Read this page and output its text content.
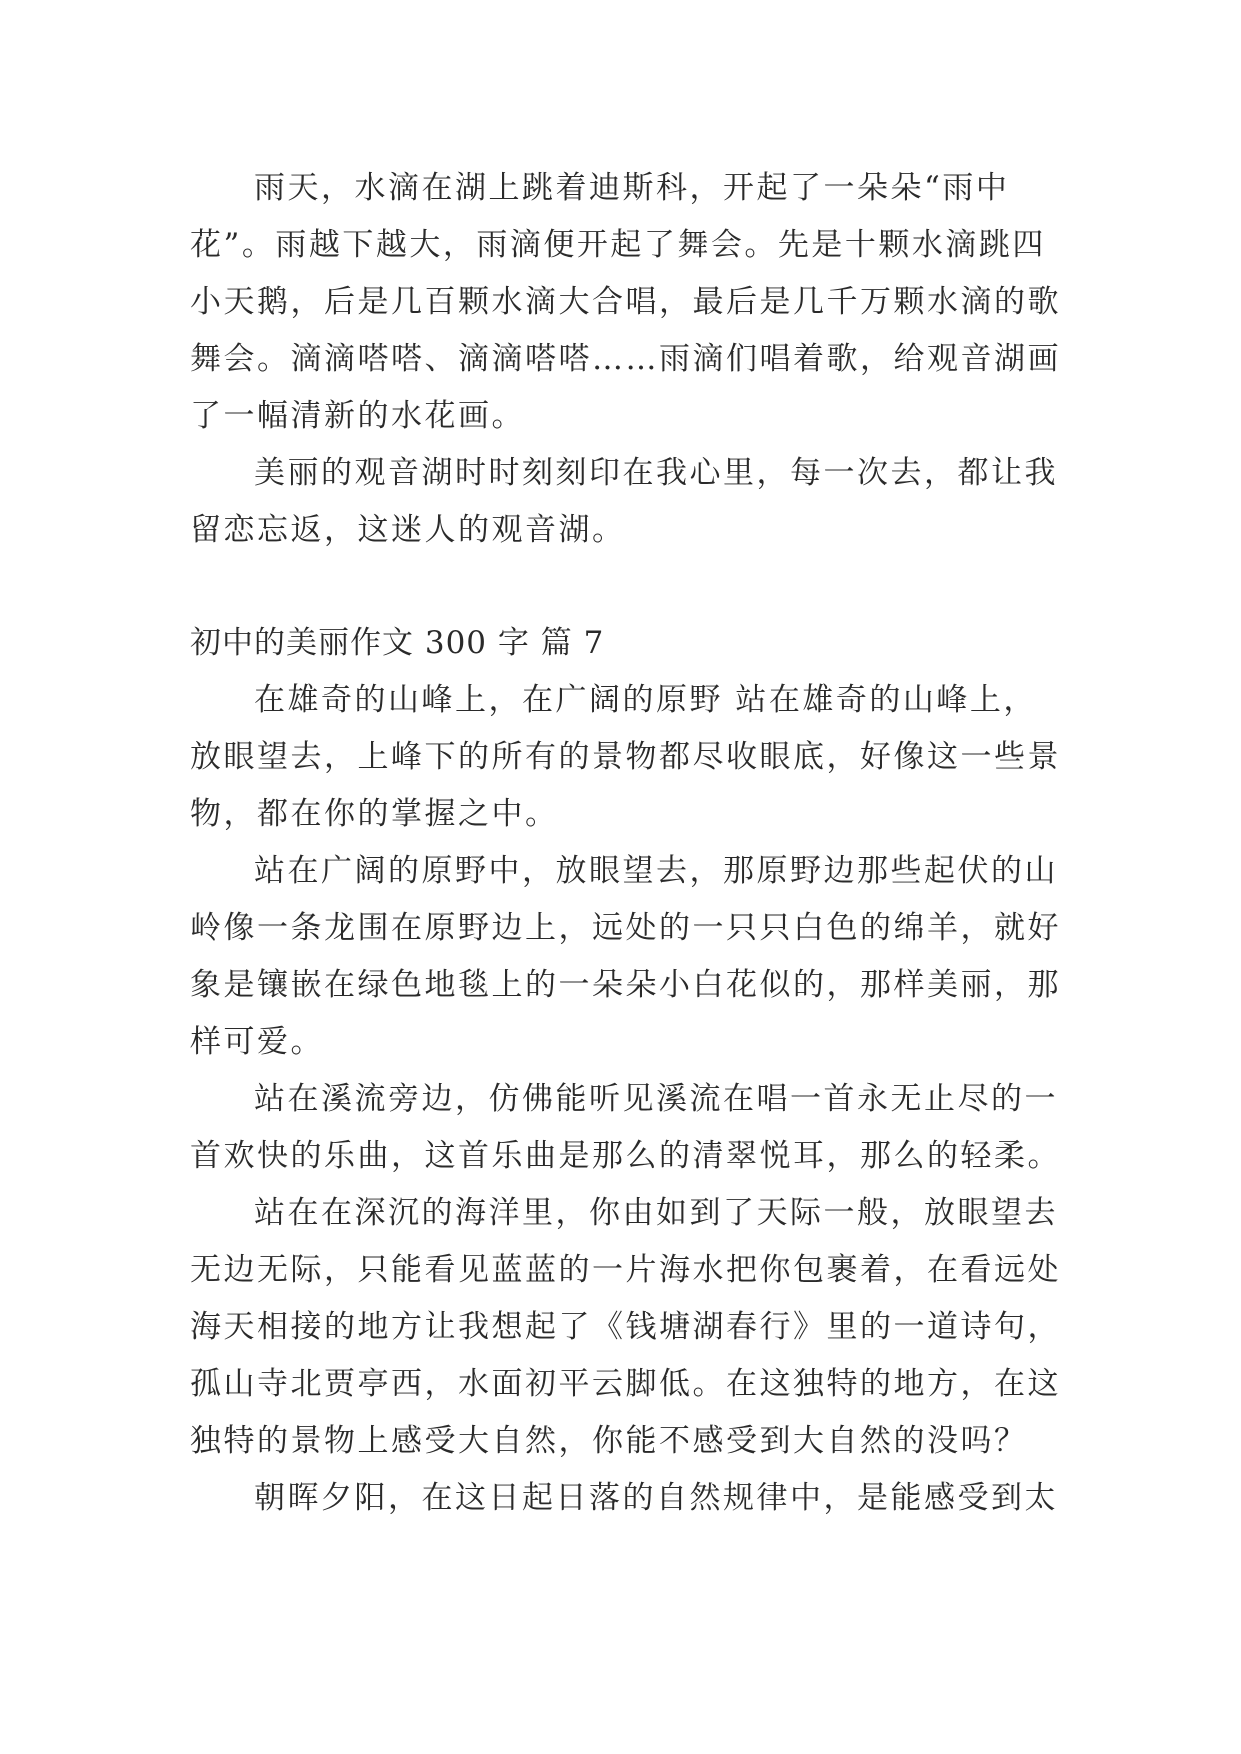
雨天，水滴在湖上跳着迪斯科，开起了一朵朵“雨中
花”。雨越下越大，雨滴便开起了舞会。先是十颗水滴跳四
小天鹅，后是几百颗水滴大合唱，最后是几千万颗水滴的歌
舞会。滴滴嗒嗒、滴滴嗒嗒……雨滴们唱着歌，给观音湖画
了一幅清新的水花画。
美丽的观音湖时时刻刻印在我心里，每一次去，都让我
留恋忘返，这迷人的观音湖。
初中的美丽作文 300 字 篇 7
在雄奇的山峰上，在广阔的原野 站在雄奇的山峰上，
放眼望去，上峰下的所有的景物都尽收眼底，好像这一些景
物，都在你的掌握之中。
站在广阔的原野中，放眼望去，那原野边那些起伏的山
岭像一条龙围在原野边上，远处的一只只白色的绵羊，就好
象是镶嵌在绿色地毯上的一朵朵小白花似的，那样美丽，那
样可爱。
站在溪流旁边，仿佛能听见溪流在唱一首永无止尽的一
首欢快的乐曲，这首乐曲是那么的清翠悦耳，那么的轻柔。
站在在深沉的海洋里，你由如到了天际一般，放眼望去
无边无际，只能看见蓝蓝的一片海水把你包裹着，在看远处
海天相接的地方让我想起了《钱塘湖春行》里的一道诗句，
孤山寺北贾亭西，水面初平云脚低。在这独特的地方，在这
独特的景物上感受大自然，你能不感受到大自然的没吗？
朝晖夕阳，在这日起日落的自然规律中，是能感受到太
